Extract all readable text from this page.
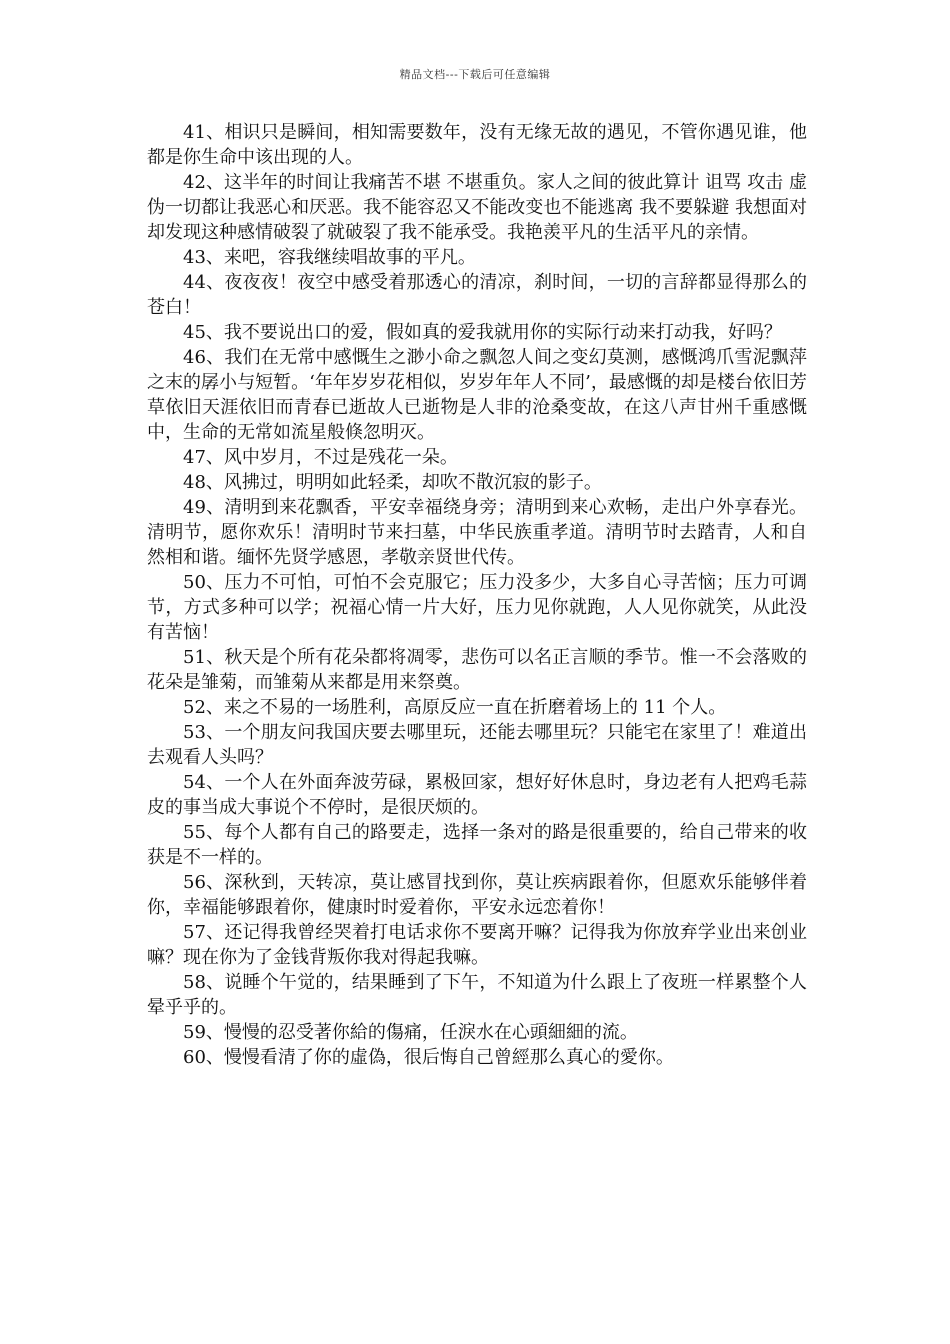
精品文档---下载后可任意编辑

41、相识只是瞬间，相知需要数年，没有无缘无故的遇见，不管你遇见谁，他都是你生命中该出现的人。

42、这半年的时间让我痛苦不堪 不堪重负。家人之间的彼此算计 诅骂 攻击 虚伪一切都让我恶心和厌恶。我不能容忍又不能改变也不能逃离 我不要躲避 我想面对却发现这种感情破裂了就破裂了我不能承受。我艳羡平凡的生活平凡的亲情。

43、来吧，容我继续唱故事的平凡。

44、夜夜夜！夜空中感受着那透心的清凉，刹时间，一切的言辞都显得那么的苍白！

45、我不要说出口的爱，假如真的爱我就用你的实际行动来打动我，好吗？

46、我们在无常中感慨生之渺小命之飘忽人间之变幻莫测，感慨鸿爪雪泥飘萍之末的孱小与短暂。‘年年岁岁花相似，岁岁年年人不同’，最感慨的却是楼台依旧芳草依旧天涯依旧而青春已逝故人已逝物是人非的沧桑变故，在这八声甘州千重感慨中，生命的无常如流星般倏忽明灭。

47、风中岁月，不过是残花一朵。

48、风拂过，明明如此轻柔，却吹不散沉寂的影子。

49、清明到来花飘香，平安幸福绕身旁；清明到来心欢畅，走出户外享春光。清明节，愿你欢乐！清明时节来扫墓，中华民族重孝道。清明节时去踏青，人和自然相和谐。缅怀先贤学感恩，孝敬亲贤世代传。

50、压力不可怕，可怕不会克服它；压力没多少，大多自心寻苦恼；压力可调节，方式多种可以学；祝福心情一片大好，压力见你就跑，人人见你就笑，从此没有苦恼！

51、秋天是个所有花朵都将凋零，悲伤可以名正言顺的季节。惟一不会落败的花朵是雏菊，而雏菊从来都是用来祭奠。

52、来之不易的一场胜利，高原反应一直在折磨着场上的 11 个人。

53、一个朋友问我国庆要去哪里玩，还能去哪里玩？只能宅在家里了！难道出去观看人头吗？

54、一个人在外面奔波劳碌，累极回家，想好好休息时，身边老有人把鸡毛蒜皮的事当成大事说个不停时，是很厌烦的。

55、每个人都有自己的路要走，选择一条对的路是很重要的，给自己带来的收获是不一样的。

56、深秋到，天转凉，莫让感冒找到你，莫让疾病跟着你，但愿欢乐能够伴着你，幸福能够跟着你，健康时时爱着你，平安永远恋着你！

57、还记得我曾经哭着打电话求你不要离开嘛？记得我为你放弃学业出来创业嘛？现在你为了金钱背叛你我对得起我嘛。

58、说睡个午觉的，结果睡到了下午，不知道为什么跟上了夜班一样累整个人晕乎乎的。

59、慢慢的忍受著你給的傷痛，任淚水在心頭細細的流。

60、慢慢看清了你的虛偽，很后悔自己曾經那么真心的愛你。
